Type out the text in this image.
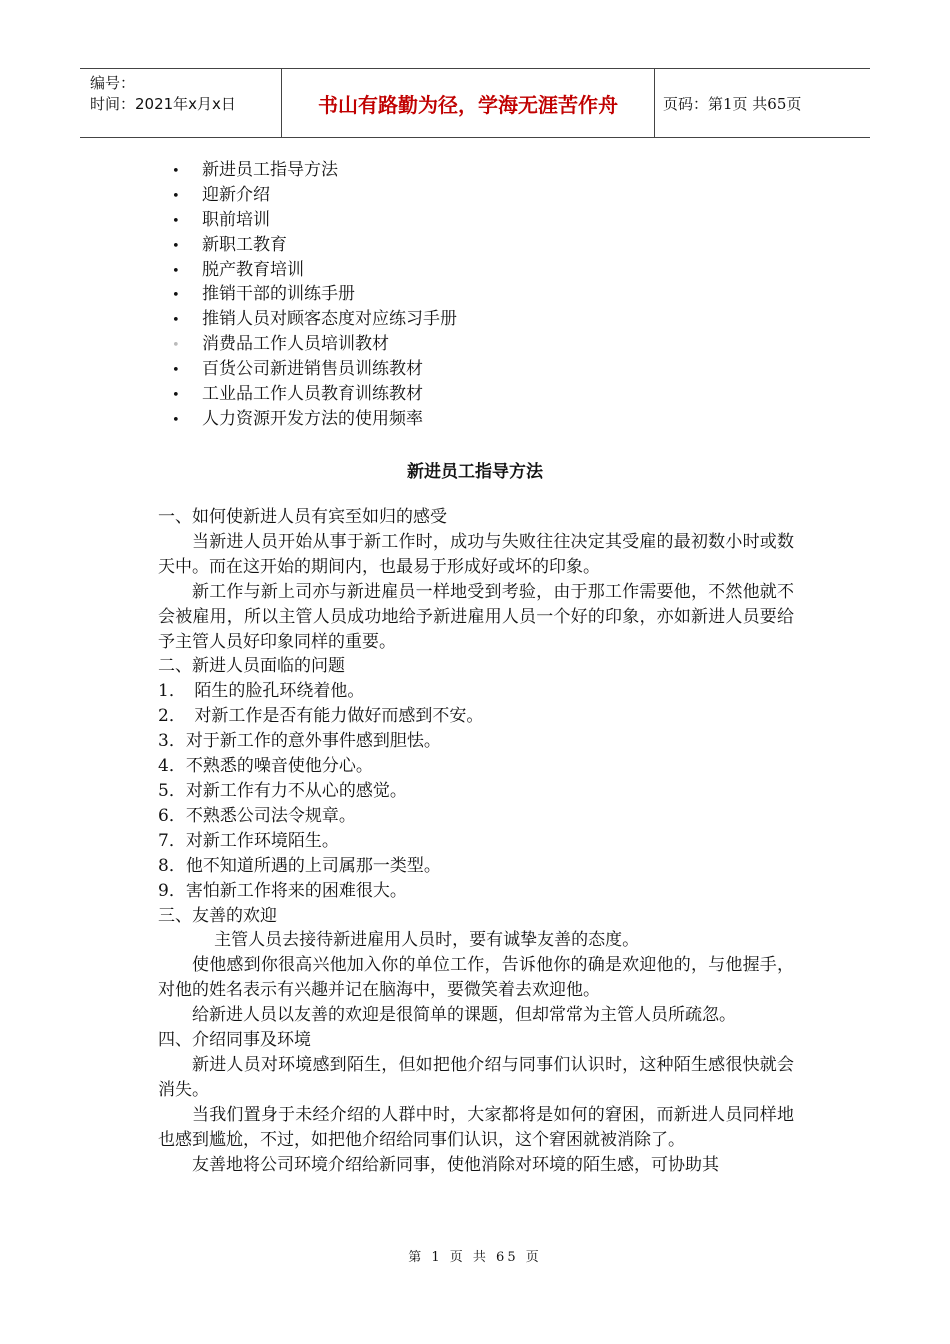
编号：
时间：2021年x月x日	书山有路勤为径，学海无涯苦作舟	页码：第1页 共65页
• 新进员工指导方法
• 迎新介绍
• 职前培训
• 新职工教育
• 脱产教育培训
• 推销干部的训练手册
• 推销人员对顾客态度对应练习手册
• 消费品工作人员培训教材
• 百货公司新进销售员训练教材
• 工业品工作人员教育训练教材
• 人力资源开发方法的使用频率
新进员工指导方法

一、如何使新进人员有宾至如归的感受

当新进人员开始从事于新工作时，成功与失败往往决定其受雇的最初数小时或数天中。而在这开始的期间内，也最易于形成好或坏的印象。

新工作与新上司亦与新进雇员一样地受到考验，由于那工作需要他，不然他就不会被雇用，所以主管人员成功地给予新进雇用人员一个好的印象，亦如新进人员要给予主管人员好印象同样的重要。

二、新进人员面临的问题

1．　陌生的脸孔环绕着他。

2．　对新工作是否有能力做好而感到不安。

3．对于新工作的意外事件感到胆怯。

4．不熟悉的噪音使他分心。

5．对新工作有力不从心的感觉。

6．不熟悉公司法令规章。

7．对新工作环境陌生。

8．他不知道所遇的上司属那一类型。

9．害怕新工作将来的困难很大。

三、友善的欢迎

主管人员去接待新进雇用人员时，要有诚挚友善的态度。

使他感到你很高兴他加入你的单位工作，告诉他你的确是欢迎他的，与他握手，对他的姓名表示有兴趣并记在脑海中，要微笑着去欢迎他。

给新进人员以友善的欢迎是很简单的课题，但却常常为主管人员所疏忽。

四、介绍同事及环境

新进人员对环境感到陌生，但如把他介绍与同事们认识时，这种陌生感很快就会消失。

当我们置身于未经介绍的人群中时，大家都将是如何的窘困，而新进人员同样地也感到尴尬，不过，如把他介绍给同事们认识，这个窘困就被消除了。

友善地将公司环境介绍给新同事，使他消除对环境的陌生感，可协助其

第 1 页 共 65 页
